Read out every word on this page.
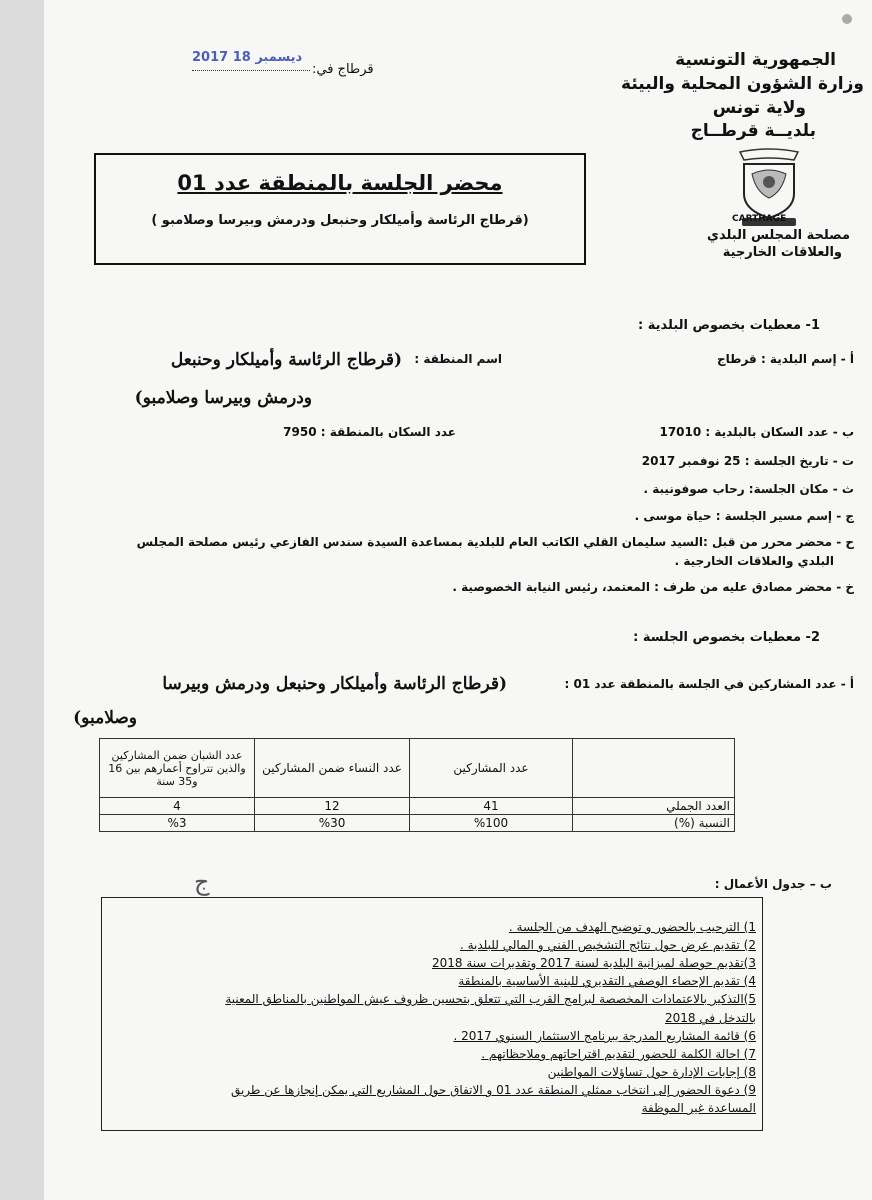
الجمهورية التونسية
وزارة الشؤون المحلية والبيئة
ولاية تونس
بلديــة قرطــاج
CARTHAGE
مصلحة المجلس البلدي
والعلاقات الخارجية
قرطاج في:
2017 ديسمبر 18
محضر الجلسة بالمنطقة عدد 01
(قرطاج الرئاسة وأميلكار وحنبعل ودرمش وبيرسا وصلامبو )
1- معطيات بخصوص البلدية :
أ - إسم البلدية : قرطاج
اسم المنطقة :
(قرطاج الرئاسة وأميلكار وحنبعل
ودرمش وبيرسا وصلامبو)
ب - عدد السكان بالبلدية : 17010
عدد السكان بالمنطقة : 7950
ت - تاريخ الجلسة : 25 نوفمبر 2017
ث - مكان الجلسة: رحاب صوفونيبة .
ج - إسم مسير الجلسة : حياة موسى .
ح - محضر محرر من قبل :السيد سليمان القلي الكاتب العام للبلدية بمساعدة السيدة سندس الفازعي رئيس مصلحة المجلس
البلدي والعلاقات الخارجية .
خ - محضر مصادق عليه من طرف : المعتمد، رئيس النيابة الخصوصية .
2- معطيات بخصوص الجلسة :
أ - عدد المشاركين في الجلسة بالمنطقة عدد 01 :
(قرطاج الرئاسة وأميلكار وحنبعل ودرمش وبيرسا
وصلامبو)
	عدد المشاركين	عدد النساء ضمن المشاركين	عدد الشبان ضمن المشاركين والذين تتراوح أعمارهم بين 16 و35 سنة
العدد الجملي	41	12	4
النسبة (%)	%100	%30	%3
ج	ب – جدول الأعمال :
1) الترحيب بالحضور و توضيح الهدف من الجلسة .
2) تقديم عرض حول نتائج التشخيص الفني و المالي للبلدية .
3)تقديم حوصلة لميزانية البلدية لسنة 2017 وتقديرات سنة 2018
4) تقديم الإحصاء الوصفي التقديري للبنية الأساسية بالمنطقة
5)التذكير بالاعتمادات المخصصة لبرامج القرب التي تتعلق بتحسين ظروف عيش المواطنين بالمناطق المعنية
بالتدخل في 2018
6) قائمة المشاريع المدرجة ببرنامج الاستثمار السنوي 2017 .
7) احالة الكلمة للحضور لتقديم اقتراحاتهم وملاحظاتهم .
8) إجابات الإدارة حول تساؤلات المواطنين
9) دعوة الحضور إلى انتخاب ممثلي المنطقة عدد 01 و الاتفاق حول المشاريع التي يمكن إنجازها عن طريق
المساعدة غير الموظفة
